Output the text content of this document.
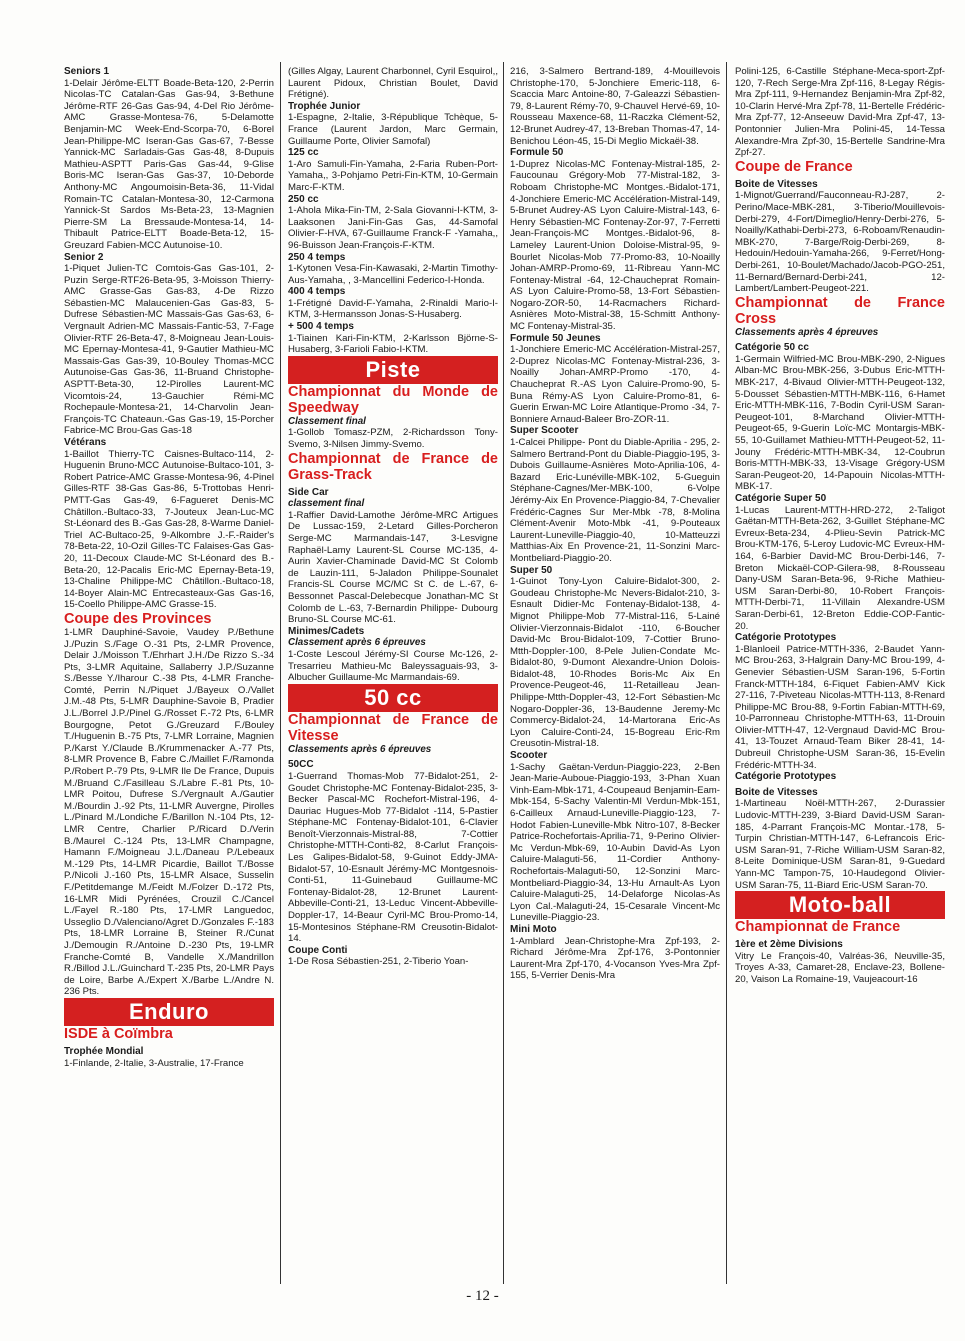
Seniors 1
1-Delair Jérôme-ELTT Boade-Beta-120, 2-Perrin Nicolas-TC Catalan-Gas Gas-94, 3-Bethune Jérôme-RTF 26-Gas Gas-94, 4-Del Rio Jérôme-AMC Grasse-Montesa-76, 5-Delamotte Benjamin-MC Week-End-Scorpa-70, 6-Borel Jean-Philippe-MC Iseran-Gas Gas-67, 7-Besse Yannick-MC Sarladais-Gas Gas-48, 8-Dupuis Mathieu-ASPTT Paris-Gas Gas-44, 9-Glise Boris-MC Iseran-Gas Gas-37, 10-Deborde Anthony-MC Angoumoisin-Beta-36, 11-Vidal Romain-TC Catalan-Montesa-30, 12-Carmona Yannick-St Sardos Ms-Beta-23, 13-Magnien Pierre-SM La Bressaude-Montesa-14, 14-Thibault Patrice-ELTT Boade-Beta-12, 15-Greuzard Fabien-MCC Autunoise-10.
Senior 2
1-Piquet Julien-TC Comtois-Gas Gas-101, 2-Puzin Serge-RTF26-Beta-95, 3-Moisson Thierry-AMC Grasse-Gas Gas-83, 4-De Rizzo Sébastien-MC Malaucenien-Gas Gas-83, 5-Dufrese Sébastien-MC Massais-Gas Gas-63, 6-Vergnault Adrien-MC Massais-Fantic-53, 7-Fage Olivier-RTF 26-Beta-47, 8-Moigneau Jean-Louis-MC Epernay-Montesa-41, 9-Gautier Mathieu-MC Massais-Gas Gas-39, 10-Bouley Thomas-MCC Autunoise-Gas Gas-36, 11-Bruand Christophe-ASPTT-Beta-30, 12-Pirolles Laurent-MC Vicomtois-24, 13-Gauchier Rémi-MC Rochepaule-Montesa-21, 14-Charvolin Jean-François-TC Chateaun.-Gas Gas-19, 15-Porcher Fabrice-MC Brou-Gas Gas-18
Vétérans
1-Baillot Thierry-TC Caisnes-Bultaco-114, 2-Huguenin Bruno-MCC Autunoise-Bultaco-101, 3-Robert Patrice-AMC Grasse-Montesa-96, 4-Pinel Gilles-RTF 38-Gas Gas-86, 5-Trottobas Henri-PMTT-Gas Gas-49, 6-Fagueret Denis-MC Châtillon.-Bultaco-33, 7-Jouteux Jean-Luc-MC St-Léonard des B.-Gas Gas-28, 8-Warme Daniel-Triel AC-Bultaco-25, 9-Alkombre J.-F.-Raider's 78-Beta-22, 10-Ozil Gilles-TC Falaises-Gas Gas-20, 11-Decoux Claude-MC St-Léonard des B.-Beta-20, 12-Pacalis Eric-MC Epernay-Beta-19, 13-Chaline Philippe-MC Châtillon.-Bultaco-18, 14-Boyer Alain-MC Entrecasteaux-Gas Gas-16, 15-Coello Philippe-AMC Grasse-15.
Coupe des Provinces
1-LMR Dauphiné-Savoie, Vaudey P./Bethune J./Puzin S./Fage O.-31 Pts, 2-LMR Provence, Delair J./Moisson T./Ehrhart J.H./De Rizzo S.-34 Pts, 3-LMR Aquitaine, Sallaberry J.P./Suzanne S./Besse Y./Iharour C.-38 Pts, 4-LMR Franche-Comté, Perrin N./Piquet J./Bayeux O./Vallet J.M.-48 Pts, 5-LMR Dauphine-Savoie B, Pradier J.L./Borrel J.P./Pinel G./Rosset F.-72 Pts, 6-LMR Bourgogne, Petot G./Greuzard F./Bouley T./Huguenin B.-75 Pts, 7-LMR Lorraine, Magnien P./Karst Y./Claude B./Krummenacker A.-77 Pts, 8-LMR Provence B, Fabre C./Maillet F./Ramonda P./Robert P.-79 Pts, 9-LMR Ile De France, Dupuis M./Bruand C./Fasilleau S./Labre F.-81 Pts, 10-LMR Poitou, Dufrese S./Vergnault A./Gautier M./Bourdin J.-92 Pts, 11-LMR Auvergne, Pirolles L./Pinard M./Londiche F./Barillon N.-104 Pts, 12-LMR Centre, Charlier P./Ricard D./Verin B./Maurel C.-124 Pts, 13-LMR Champagne, Hamann F./Moigneau J.L./Daneau P./Lebeaux M.-129 Pts, 14-LMR Picardie, Baillot T./Bosse P./Nicoli J.-160 Pts, 15-LMR Alsace, Susselin F./Petitdemange M./Feidt M./Folzer D.-172 Pts, 16-LMR Midi Pyrénées, Crouzil C./Cancel L./Fayel R.-180 Pts, 17-LMR Languedoc, Usseglio D./Valenciano/Agret D./Gonzales F.-183 Pts, 18-LMR Lorraine B, Steiner R./Cunat J./Demougin R./Antoine D.-230 Pts, 19-LMR Franche-Comté B, Vandelle X./Mandrillon R./Billod J.L./Guinchard T.-235 Pts, 20-LMR Pays de Loire, Barbe A./Expert X./Barbe L./Andre N. 236 Pts.
Enduro
ISDE à Coïmbra
Trophée Mondial
1-Finlande, 2-Italie, 3-Australie, 17-France
(Gilles Algay, Laurent Charbonnel, Cyril Esquirol,, Laurent Pidoux, Christian Boulet, David Frétigné).
Trophée Junior
1-Espagne, 2-Italie, 3-République Tchèque, 5-France (Laurent Jardon, Marc Germain, Guillaume Porte, Olivier Samofal)
125 cc
1-Aro Samuli-Fin-Yamaha, 2-Faria Ruben-Port-Yamaha,, 3-Pohjamo Petri-Fin-KTM, 10-Germain Marc-F-KTM.
250 cc
1-Ahola Mika-Fin-TM, 2-Sala Giovanni-I-KTM, 3-Laaksonen Jani-Fin-Gas Gas, 44-Samofal Olivier-F-HVA, 67-Guillaume Franck-F -Yamaha,, 96-Buisson Jean-François-F-KTM.
250 4 temps
1-Kytonen Vesa-Fin-Kawasaki, 2-Martin Timothy-Aus-Yamaha, , 3-Mancellini Federico-I-Honda.
400 4 temps
1-Frétigné David-F-Yamaha, 2-Rinaldi Mario-I-KTM, 3-Hermansson Jonas-S-Husaberg.
+ 500 4 temps
1-Tiainen Kari-Fin-KTM, 2-Karlsson Björne-S-Husaberg, 3-Farioli Fabio-I-KTM.
Piste
Championnat du Monde de Speedway
Classement final
1-Gollob Tomasz-PZM, 2-Richardsson Tony-Svemo, 3-Nilsen Jimmy-Svemo.
Championnat de France de Grass-Track
Side Car
classement final
1-Raffier David-Lamothe Jérôme-MRC Artigues De Lussac-159, 2-Letard Gilles-Porcheron Serge-MC Marmandais-147, 3-Lesvigne Raphaël-Lamy Laurent-SL Course MC-135, 4-Aurin Xavier-Chaminade David-MC St Colomb de Lauzin-111, 5-Jaladon Philippe-Sounalet Francis-SL Course MC/MC St C. de L.-67, 6-Bessonnet Pascal-Delebecque Jonathan-MC St Colomb de L.-63, 7-Bernardin Philippe- Dubourg Bruno-SL Course MC-61.
Minimes/Cadets
Classement après 6 épreuves
1-Coste Lescoul Jérémy-SI Course Mc-126, 2-Tresarrieu Mathieu-Mc Baleyssaguais-93, 3-Albucher Guillaume-Mc Marmandais-69.
50 cc
Championnat de France de Vitesse
Classements après 6 épreuves
50CC
1-Guerrand Thomas-Mob 77-Bidalot-251, 2-Goudet Christophe-MC Fontenay-Bidalot-235, 3-Becker Pascal-MC Rochefort-Mistral-196, 4-Dauriac Hugues-Mob 77-Bidalot -114, 5-Pastier Stéphane-MC Fontenay-Bidalot-101, 6-Clavier Benoît-Vierzonnais-Mistral-88, 7-Cottier Christophe-MTTH-Conti-82, 8-Carlut François-Les Galipes-Bidalot-58, 9-Guinot Eddy-JMA-Bidalot-57, 10-Esnault Jérémy-MC Montgesnois-Conti-51, 11-Guinebaud Guillaume-MC Fontenay-Bidalot-28, 12-Brunet Laurent-Abbeville-Conti-21, 13-Leduc Vincent-Abbeville-Doppler-17, 14-Beaur Cyril-MC Brou-Promo-14, 15-Montesinos Stéphane-RM Creusotin-Bidalot-14.
Coupe Conti
1-De Rosa Sébastien-251, 2-Tiberio Yoan-
216, 3-Salmero Bertrand-189, 4-Mouillevois Christophe-170, 5-Jonchiere Emeric-118, 6-Scaccia Marc Antoine-80, 7-Galeazzi Sébastien-79, 8-Laurent Rémy-70, 9-Chauvel Hervé-69, 10-Rousseau Maxence-68, 11-Raczka Clément-52, 12-Brunet Audrey-47, 13-Breban Thomas-47, 14-Benichou Léon-45, 15-Di Meglio Mickaël-38.
Formule 50
1-Duprez Nicolas-MC Fontenay-Mistral-185, 2-Faucounau Grégory-Mob 77-Mistral-182, 3-Roboam Christophe-MC Montges.-Bidalot-171, 4-Jonchiere Emeric-MC Accélération-Mistral-149, 5-Brunet Audrey-AS Lyon Caluire-Mistral-143, 6-Henry Sébastien-MC Fontenay-Zor-97, 7-Ferretti Jean-François-MC Montges.-Bidalot-96, 8-Lameley Laurent-Union Doloise-Mistral-95, 9-Bourlet Nicolas-Mob 77-Promo-83, 10-Noailly Johan-AMRP-Promo-69, 11-Ribreau Yann-MC Fontenay-Mistral -64, 12-Chaucheprat Romain-AS Lyon Caluire-Promo-58, 13-Fort Sébastien-Nogaro-ZOR-50, 14-Racmachers Richard-Asnières Moto-Mistral-38, 15-Schmitt Anthony-MC Fontenay-Mistral-35.
Formule 50 Jeunes
1-Jonchiere Emeric-MC Accélération-Mistral-257, 2-Duprez Nicolas-MC Fontenay-Mistral-236, 3-Noailly Johan-AMRP-Promo -170, 4-Chaucheprat R.-AS Lyon Caluire-Promo-90, 5-Buna Rémy-AS Lyon Caluire-Promo-81, 6-Guerin Erwan-MC Loire Atlantique-Promo -34, 7-Bonniere Arnaud-Baleer Bro-ZOR-11.
Super Scooter
1-Calcei Philippe- Pont du Diable-Aprilia - 295, 2-Salmero Bertrand-Pont du Diable-Piaggio-195, 3-Dubois Guillaume-Asnières Moto-Aprilia-106, 4-Bazard Eric-Lunéville-MBK-102, 5-Gueguin Stéphane-Cagnes/Mer-MBK-100, 6-Volpe Jérémy-Aix En Provence-Piaggio-84, 7-Chevalier Frédéric-Cagnes Sur Mer-Mbk -78, 8-Molina Clément-Avenir Moto-Mbk -41, 9-Pouteaux Laurent-Luneville-Piaggio-40, 10-Matteuzzi Matthias-Aix En Provence-21, 11-Sonzini Marc-Montbeliard-Piaggio-20.
Super 50
1-Guinot Tony-Lyon Caluire-Bidalot-300, 2-Goudeau Christophe-Mc Nevers-Bidalot-210, 3-Esnault Didier-Mc Fontenay-Bidalot-138, 4-Mignot Philippe-Mob 77-Mistral-116, 5-Lainé Olivier-Vierzonnais-Bidalot -110, 6-Boucher David-Mc Brou-Bidalot-109, 7-Cottier Bruno-Mtth-Doppler-100, 8-Pele Julien-Condate Mc-Bidalot-80, 9-Dumont Alexandre-Union Dolois-Bidalot-48, 10-Rhodes Boris-Mc Aix En Provence-Peugeot-46, 11-Retailleau Jean-Philippe-Mtth-Doppler-43, 12-Fort Sébastien-Mc Nogaro-Doppler-36, 13-Baudenne Jeremy-Mc Commercy-Bidalot-24, 14-Martorana Eric-As Lyon Caluire-Conti-24, 15-Bogreau Eric-Rm Creusotin-Mistral-18.
Scooter
1-Sachy Gaëtan-Verdun-Piaggio-223, 2-Ben Jean-Marie-Auboue-Piaggio-193, 3-Phan Xuan Vinh-Eam-Mbk-171, 4-Coupeaud Benjamin-Eam-Mbk-154, 5-Sachy Valentin-Ml Verdun-Mbk-151, 6-Cailleux Arnaud-Luneville-Piaggio-123, 7-Hodot Fabien-Luneville-Mbk Nitro-107, 8-Becker Patrice-Rochefortais-Aprilia-71, 9-Perino Olivier-Mc Verdun-Mbk-69, 10-Aubin David-As Lyon Caluire-Malaguti-56, 11-Cordier Anthony-Rochefortais-Malaguti-50, 12-Sonzini Marc-Montbeliard-Piaggio-34, 13-Hu Arnault-As Lyon Caluire-Malaguti-25, 14-Delaforge Nicolas-As Lyon Cal.-Malaguti-24, 15-Cesarale Vincent-Mc Luneville-Piaggio-23.
Mini Moto
1-Amblard Jean-Christophe-Mra Zpf-193, 2-Richard Jérôme-Mra Zpf-176, 3-Pontonnier Laurent-Mra Zpf-170, 4-Vocanson Yves-Mra Zpf-155, 5-Verrier Denis-Mra
Polini-125, 6-Castille Stéphane-Meca-sport-Zpf-120, 7-Rech Serge-Mra Zpf-116, 8-Legay Régis-Mra Zpf-111, 9-Hernandez Benjamin-Mra Zpf-82, 10-Clarin Hervé-Mra Zpf-78, 11-Bertelle Frédéric-Mra Zpf-77, 12-Anseeuw David-Mra Zpf-47, 13-Pontonnier Julien-Mra Polini-45, 14-Tessa Alexandre-Mra Zpf-30, 15-Bertelle Sandrine-Mra Zpf-27.
Coupe de France
Boite de Vitesses
1-Mignot/Guerrand/Fauconneau-RJ-287, 2-Perino/Mace-MBK-281, 3-Tiberio/Mouillevois-Derbi-279, 4-Fort/Dimeglio/Henry-Derbi-276, 5-Noailly/Kathabi-Derbi-273, 6-Roboam/Renaudin-MBK-270, 7-Barge/Roig-Derbi-269, 8-Hedouin/Hedouin-Yamaha-266, 9-Ferret/Hong-Derbi-261, 10-Boulet/Machado/Jacob-PGO-251, 11-Bernard/Bernard-Derbi-241, 12-Lambert/Lambert-Peugeot-221.
Championnat de France Cross
Classements après 4 épreuves
Catégorie 50 cc
1-Germain Wilfried-MC Brou-MBK-290, 2-Nigues Alban-MC Brou-MBK-256, 3-Dubus Eric-MTTH-MBK-217, 4-Bivaud Olivier-MTTH-Peugeot-132, 5-Dousset Sébastien-MTTH-MBK-116, 6-Hamet Eric-MTTH-MBK-116, 7-Bodin Cyril-USM Saran-Peugeot-101, 8-Marchand Olivier-MTTH-Peugeot-65, 9-Guerin Loïc-MC Montargis-MBK-55, 10-Guillamet Mathieu-MTTH-Peugeot-52, 11-Jouny Frédéric-MTTH-MBK-34, 12-Coubrun Boris-MTTH-MBK-33, 13-Visage Grégory-USM Saran-Peugeot-20, 14-Papouin Nicolas-MTTH-MBK-17.
Catégorie Super 50
1-Lucas Laurent-MTTH-HRD-272, 2-Taligot Gaëtan-MTTH-Beta-262, 3-Guillet Stéphane-MC Evreux-Beta-234, 4-Plieu-Sevin Patrick-MC Brou-KTM-176, 5-Leroy Ludovic-MC Evreux-HM-164, 6-Barbier David-MC Brou-Derbi-146, 7-Breton Mickaël-COP-Gilera-98, 8-Rousseau Dany-USM Saran-Beta-96, 9-Riche Mathieu-USM Saran-Derbi-80, 10-Robert François-MTTH-Derbi-71, 11-Villain Alexandre-USM Saran-Derbi-61, 12-Breton Eddie-COP-Fantic-20.
Catégorie Prototypes
1-Blanloeil Patrice-MTTH-336, 2-Baudet Yann-MC Brou-263, 3-Halgrain Dany-MC Brou-199, 4-Genevier Sébastien-USM Saran-196, 5-Fortin Franck-MTTH-184, 6-Fiquet Fabien-AMV Kick 27-116, 7-Piveteau Nicolas-MTTH-113, 8-Renard Philippe-MC Brou-88, 9-Fortin Fabian-MTTH-69, 10-Parronneau Christophe-MTTH-63, 11-Drouin Olivier-MTTH-47, 12-Vergnaud David-MC Brou-41, 13-Touzet Arnaud-Team Biker 28-41, 14-Dubreuil Christophe-USM Saran-36, 15-Evelin Frédéric-MTTH-34.
Catégorie Prototypes
Boite de Vitesses
1-Martineau Noël-MTTH-267, 2-Durassier Ludovic-MTTH-239, 3-Biard David-USM Saran-185, 4-Parrant François-MC Montar.-178, 5-Turpin Christian-MTTH-147, 6-Lefrancois Eric-USM Saran-91, 7-Riche William-USM Saran-82, 8-Leite Dominique-USM Saran-81, 9-Guedard Yann-MC Tampon-75, 10-Haudegond Olivier-USM Saran-75, 11-Biard Eric-USM Saran-70.
Moto-ball
Championnat de France
1ère et 2ème Divisions
Vitry Le François-40, Valréas-36, Neuville-35, Troyes A-33, Camaret-28, Enclave-23, Bollene-20, Vaison La Romaine-19, Vaujeacourt-16
- 12 -
